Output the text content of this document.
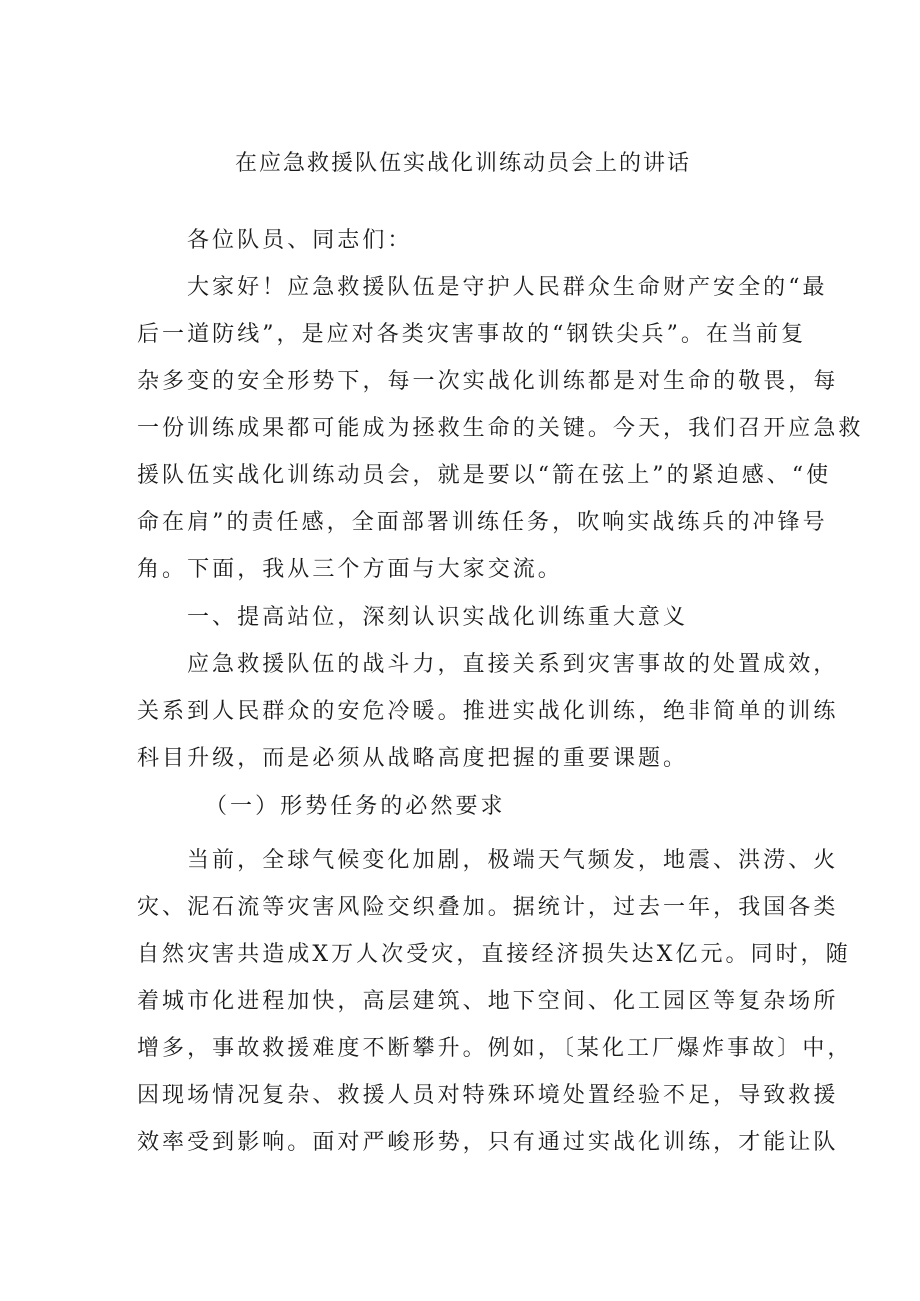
在应急救援队伍实战化训练动员会上的讲话
各位队员、同志们：
大家好！应急救援队伍是守护人民群众生命财产安全的“最
后一道防线”，是应对各类灾害事故的“钢铁尖兵”。在当前复
杂多变的安全形势下，每一次实战化训练都是对生命的敬畏，每
一份训练成果都可能成为拯救生命的关键。今天，我们召开应急救
援队伍实战化训练动员会，就是要以“箭在弦上”的紧迫感、“使
命在肩”的责任感，全面部署训练任务，吹响实战练兵的冲锋号
角。下面，我从三个方面与大家交流。
一、提高站位，深刻认识实战化训练重大意义
应急救援队伍的战斗力，直接关系到灾害事故的处置成效，
关系到人民群众的安危冷暖。推进实战化训练，绝非简单的训练
科目升级，而是必须从战略高度把握的重要课题。
（一）形势任务的必然要求
当前，全球气候变化加剧，极端天气频发，地震、洪涝、火
灾、泥石流等灾害风险交织叠加。据统计，过去一年，我国各类
自然灾害共造成X万人次受灾，直接经济损失达X亿元。同时，随
着城市化进程加快，高层建筑、地下空间、化工园区等复杂场所
增多，事故救援难度不断攀升。例如，〔某化工厂爆炸事故〕中，
因现场情况复杂、救援人员对特殊环境处置经验不足，导致救援
效率受到影响。面对严峻形势，只有通过实战化训练，才能让队
